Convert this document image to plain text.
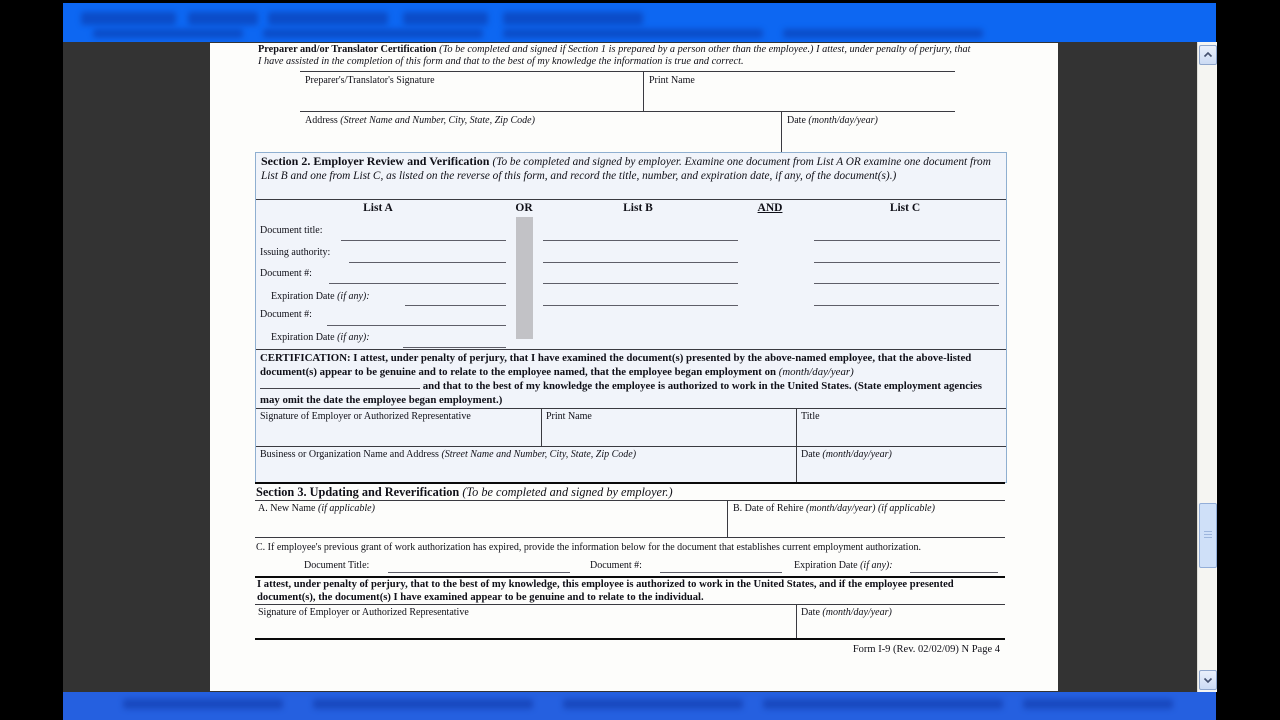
Preparer and/or Translator Certification (To be completed and signed if Section 1 is prepared by a person other than the employee.) I attest, under penalty of perjury, that I have assisted in the completion of this form and that to the best of my knowledge the information is true and correct.
Preparer's/Translator's Signature	Print Name
Address (Street Name and Number, City, State, Zip Code)	Date (month/day/year)
Section 2. Employer Review and Verification (To be completed and signed by employer. Examine one document from List A OR examine one document from List B and one from List C, as listed on the reverse of this form, and record the title, number, and expiration date, if any, of the document(s).)
List A	OR	List B	AND	List C
Document title:
Issuing authority:
Document #:
Expiration Date (if any):
Document #:
Expiration Date (if any):
CERTIFICATION: I attest, under penalty of perjury, that I have examined the document(s) presented by the above-named employee, that the above-listed document(s) appear to be genuine and to relate to the employee named, that the employee began employment on (month/day/year)  and that to the best of my knowledge the employee is authorized to work in the United States. (State employment agencies may omit the date the employee began employment.)
Signature of Employer or Authorized Representative	Print Name	Title
Business or Organization Name and Address (Street Name and Number, City, State, Zip Code)	Date (month/day/year)
Section 3. Updating and Reverification (To be completed and signed by employer.)
A. New Name (if applicable)	B. Date of Rehire (month/day/year) (if applicable)
C. If employee's previous grant of work authorization has expired, provide the information below for the document that establishes current employment authorization.
Document Title:	Document #:	Expiration Date (if any):
I attest, under penalty of perjury, that to the best of my knowledge, this employee is authorized to work in the United States, and if the employee presented document(s), the document(s) I have examined appear to be genuine and to relate to the individual.
Signature of Employer or Authorized Representative	Date (month/day/year)
Form I-9 (Rev. 02/02/09) N Page 4
